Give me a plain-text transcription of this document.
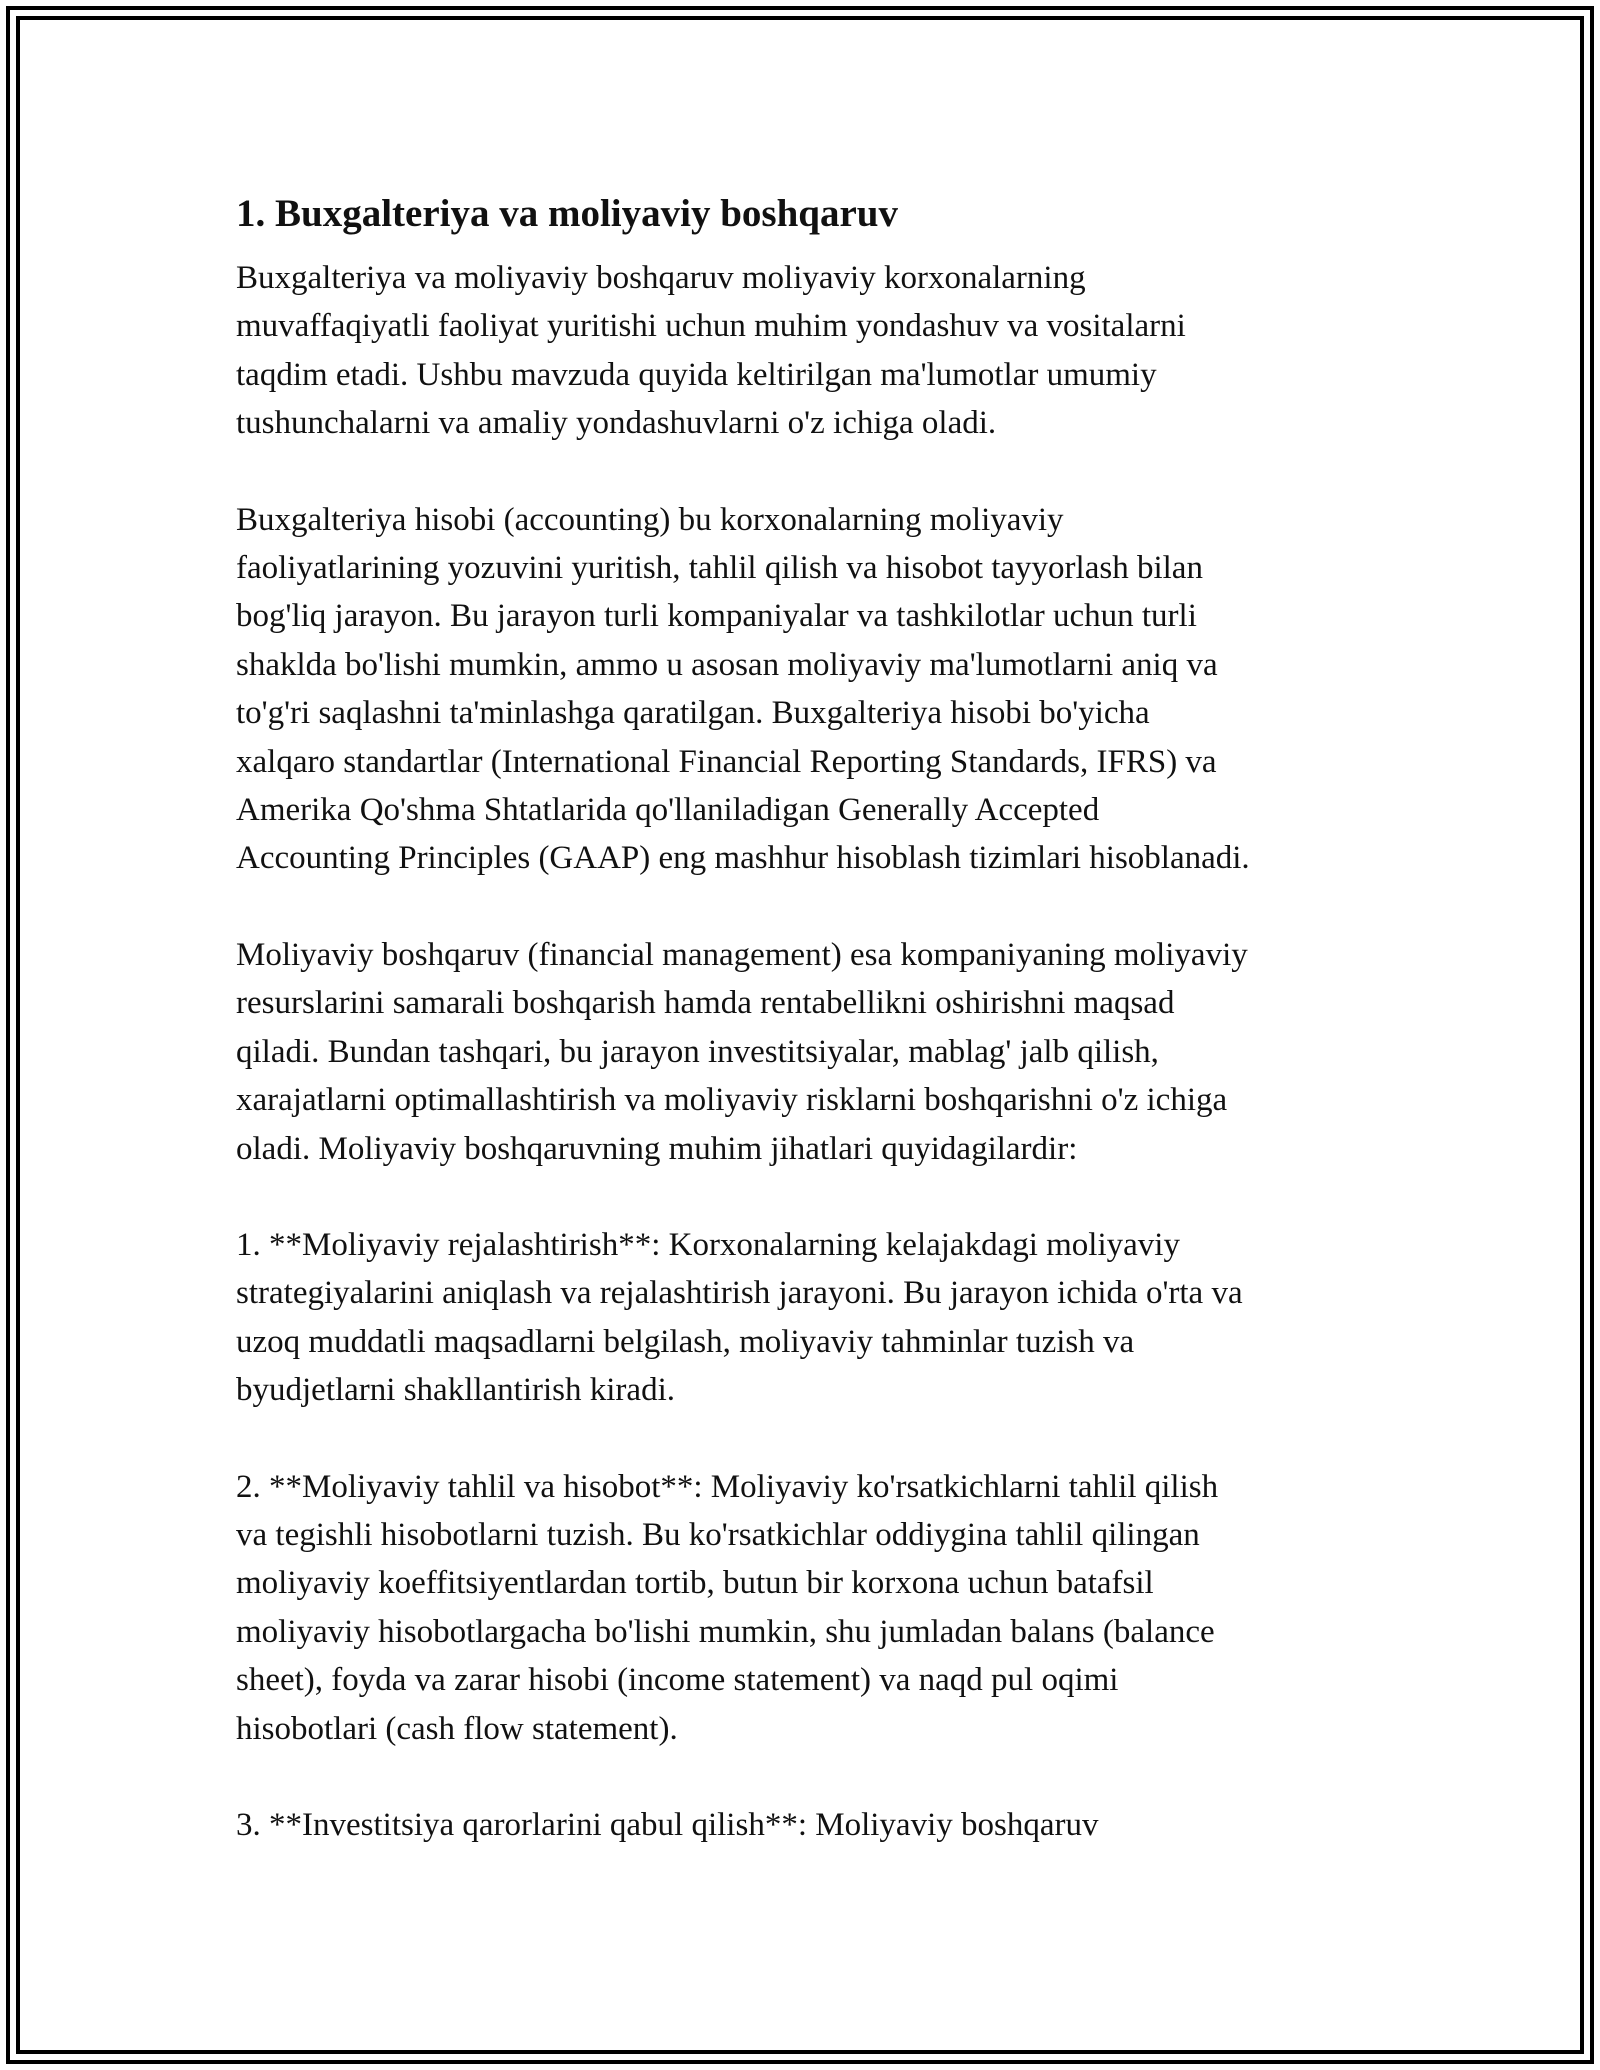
1. Buxgalteriya va moliyaviy boshqaruv

Buxgalteriya va moliyaviy boshqaruv moliyaviy korxonalarning
muvaffaqiyatli faoliyat yuritishi uchun muhim yondashuv va vositalarni
taqdim etadi. Ushbu mavzuda quyida keltirilgan ma'lumotlar umumiy
tushunchalarni va amaliy yondashuvlarni o'z ichiga oladi.

Buxgalteriya hisobi (accounting) bu korxonalarning moliyaviy
faoliyatlarining yozuvini yuritish, tahlil qilish va hisobot tayyorlash bilan
bog'liq jarayon. Bu jarayon turli kompaniyalar va tashkilotlar uchun turli
shaklda bo'lishi mumkin, ammo u asosan moliyaviy ma'lumotlarni aniq va
to'g'ri saqlashni ta'minlashga qaratilgan. Buxgalteriya hisobi bo'yicha
xalqaro standartlar (International Financial Reporting Standards, IFRS) va
Amerika Qo'shma Shtatlarida qo'llaniladigan Generally Accepted
Accounting Principles (GAAP) eng mashhur hisoblash tizimlari hisoblanadi.

Moliyaviy boshqaruv (financial management) esa kompaniyaning moliyaviy
resurslarini samarali boshqarish hamda rentabellikni oshirishni maqsad
qiladi. Bundan tashqari, bu jarayon investitsiyalar, mablag' jalb qilish,
xarajatlarni optimallashtirish va moliyaviy risklarni boshqarishni o'z ichiga
oladi. Moliyaviy boshqaruvning muhim jihatlari quyidagilardir:

1. **Moliyaviy rejalashtirish**: Korxonalarning kelajakdagi moliyaviy
strategiyalarini aniqlash va rejalashtirish jarayoni. Bu jarayon ichida o'rta va
uzoq muddatli maqsadlarni belgilash, moliyaviy tahminlar tuzish va
byudjetlarni shakllantirish kiradi.

2. **Moliyaviy tahlil va hisobot**: Moliyaviy ko'rsatkichlarni tahlil qilish
va tegishli hisobotlarni tuzish. Bu ko'rsatkichlar oddiygina tahlil qilingan
moliyaviy koeffitsiyentlardan tortib, butun bir korxona uchun batafsil
moliyaviy hisobotlargacha bo'lishi mumkin, shu jumladan balans (balance
sheet), foyda va zarar hisobi (income statement) va naqd pul oqimi
hisobotlari (cash flow statement).

3. **Investitsiya qarorlarini qabul qilish**: Moliyaviy boshqaruv
